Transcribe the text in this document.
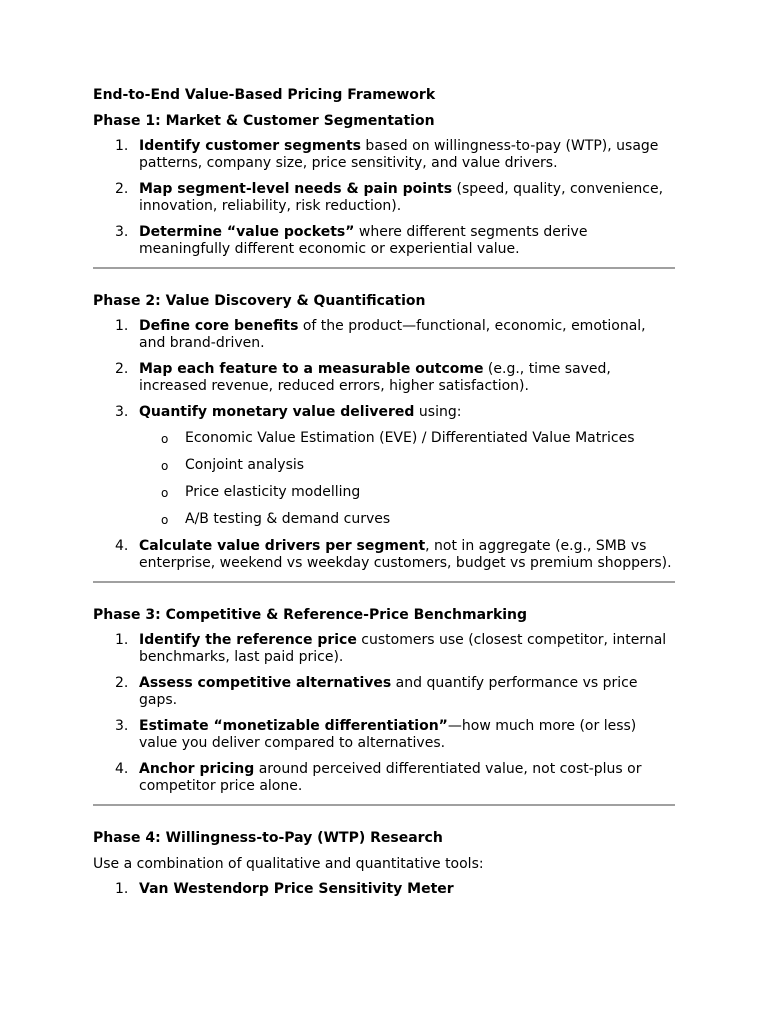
End-to-End Value-Based Pricing Framework
Phase 1: Market & Customer Segmentation
1. Identify customer segments based on willingness-to-pay (WTP), usage patterns, company size, price sensitivity, and value drivers.
2. Map segment-level needs & pain points (speed, quality, convenience, innovation, reliability, risk reduction).
3. Determine “value pockets” where different segments derive meaningfully different economic or experiential value.
Phase 2: Value Discovery & Quantification
1. Define core benefits of the product—functional, economic, emotional, and brand-driven.
2. Map each feature to a measurable outcome (e.g., time saved, increased revenue, reduced errors, higher satisfaction).
3. Quantify monetary value delivered using:
o Economic Value Estimation (EVE) / Differentiated Value Matrices
o Conjoint analysis
o Price elasticity modelling
o A/B testing & demand curves
4. Calculate value drivers per segment, not in aggregate (e.g., SMB vs enterprise, weekend vs weekday customers, budget vs premium shoppers).
Phase 3: Competitive & Reference-Price Benchmarking
1. Identify the reference price customers use (closest competitor, internal benchmarks, last paid price).
2. Assess competitive alternatives and quantify performance vs price gaps.
3. Estimate “monetizable differentiation”—how much more (or less) value you deliver compared to alternatives.
4. Anchor pricing around perceived differentiated value, not cost-plus or competitor price alone.
Phase 4: Willingness-to-Pay (WTP) Research
Use a combination of qualitative and quantitative tools:
1. Van Westendorp Price Sensitivity Meter
